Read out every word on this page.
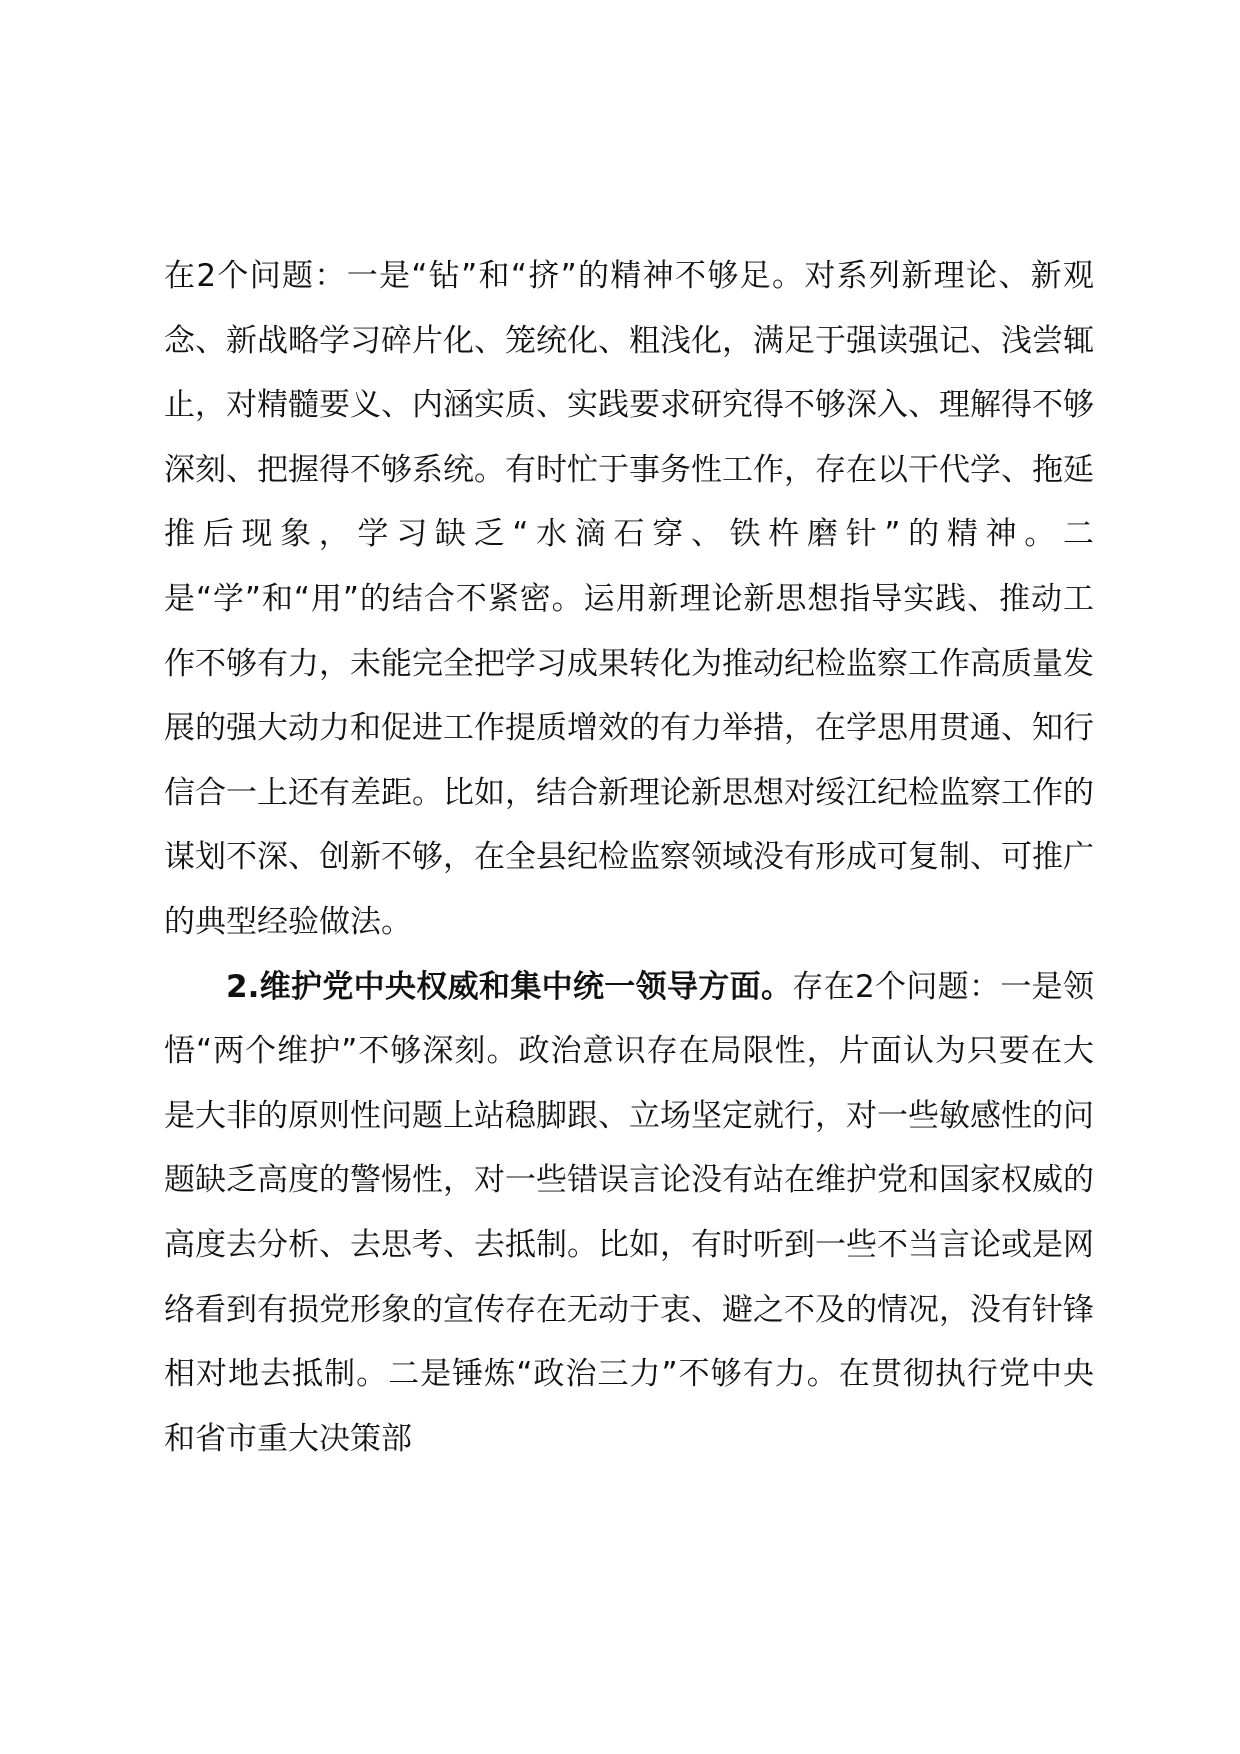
在2个问题：一是“钻”和“挤”的精神不够足。对系列新理论、新观念、新战略学习碎片化、笼统化、粗浅化，满足于强读强记、浅尝辄止，对精髓要义、内涵实质、实践要求研究得不够深入、理解得不够深刻、把握得不够系统。有时忙于事务性工作，存在以干代学、拖延推后现象，学习缺乏“水滴石穿、铁杵磨针”的精神。二是“学”和“用”的结合不紧密。运用新理论新思想指导实践、推动工作不够有力，未能完全把学习成果转化为推动纪检监察工作高质量发展的强大动力和促进工作提质增效的有力举措，在学思用贯通、知行信合一上还有差距。比如，结合新理论新思想对绥江纪检监察工作的谋划不深、创新不够，在全县纪检监察领域没有形成可复制、可推广的典型经验做法。

2.维护党中央权威和集中统一领导方面。存在2个问题：一是领悟“两个维护”不够深刻。政治意识存在局限性，片面认为只要在大是大非的原则性问题上站稳脚跟、立场坚定就行，对一些敏感性的问题缺乏高度的警惕性，对一些错误言论没有站在维护党和国家权威的高度去分析、去思考、去抵制。比如，有时听到一些不当言论或是网络看到有损党形象的宣传存在无动于衷、避之不及的情况，没有针锋相对地去抵制。二是锤炼“政治三力”不够有力。在贯彻执行党中央和省市重大决策部
